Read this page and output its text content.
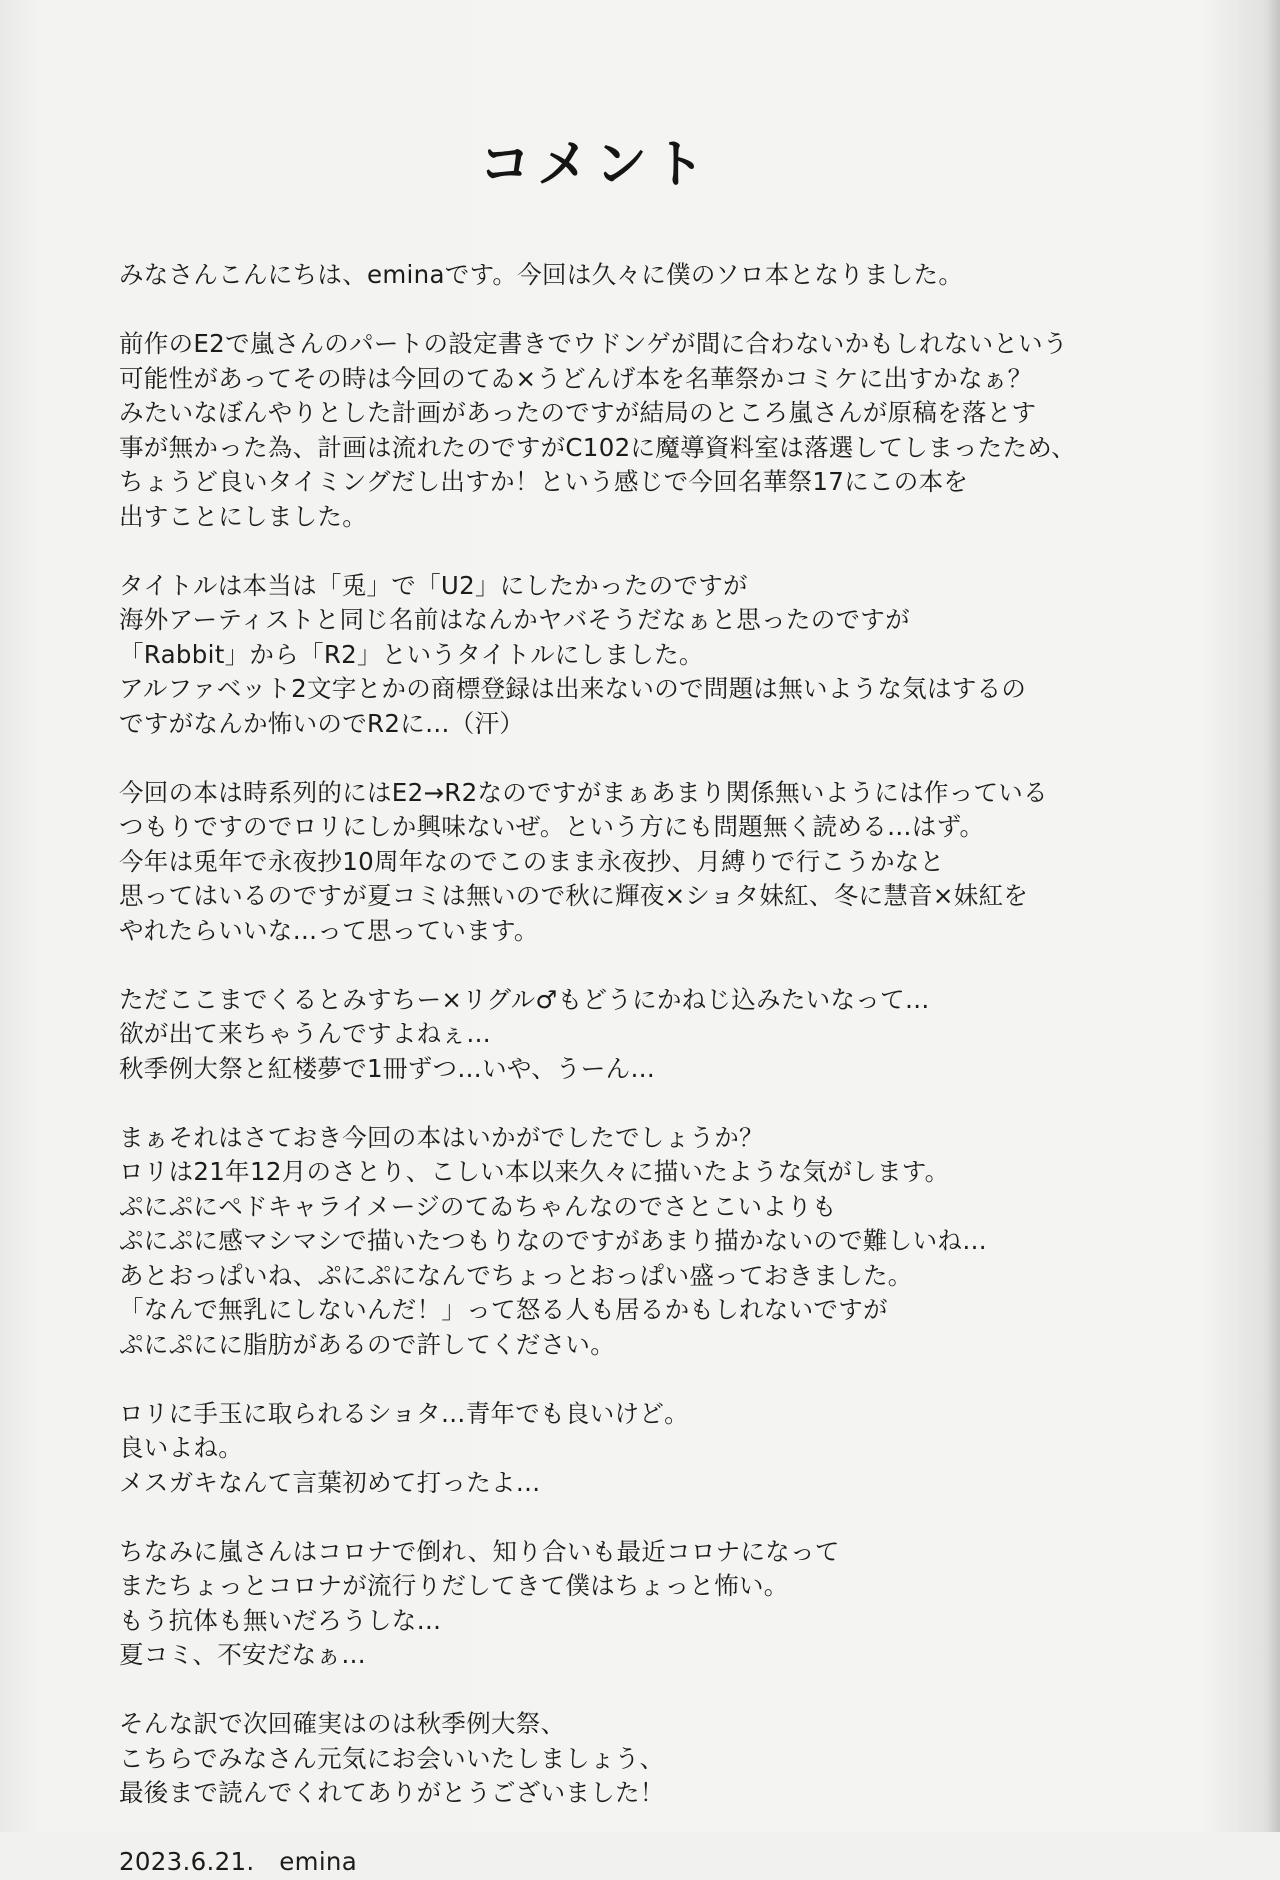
コメント
みなさんこんにちは、eminaです。今回は久々に僕のソロ本となりました。
前作のE2で嵐さんのパートの設定書きでウドンゲが間に合わないかもしれないという
可能性があってその時は今回のてゐ×うどんげ本を名華祭かコミケに出すかなぁ？
みたいなぼんやりとした計画があったのですが結局のところ嵐さんが原稿を落とす
事が無かった為、計画は流れたのですがC102に魔導資料室は落選してしまったため、
ちょうど良いタイミングだし出すか！という感じで今回名華祭17にこの本を
出すことにしました。
タイトルは本当は「兎」で「U2」にしたかったのですが
海外アーティストと同じ名前はなんかヤバそうだなぁと思ったのですが
「Rabbit」から「R2」というタイトルにしました。
アルファベット2文字とかの商標登録は出来ないので問題は無いような気はするの
ですがなんか怖いのでR2に…（汗）
今回の本は時系列的にはE2→R2なのですがまぁあまり関係無いようには作っている
つもりですのでロリにしか興味ないぜ。という方にも問題無く読める…はず。
今年は兎年で永夜抄10周年なのでこのまま永夜抄、月縛りで行こうかなと
思ってはいるのですが夏コミは無いので秋に輝夜×ショタ妹紅、冬に慧音×妹紅を
やれたらいいな…って思っています。
ただここまでくるとみすちー×リグル♂もどうにかねじ込みたいなって…
欲が出て来ちゃうんですよねぇ…
秋季例大祭と紅楼夢で1冊ずつ…いや、うーん…
まぁそれはさておき今回の本はいかがでしたでしょうか？
ロリは21年12月のさとり、こしい本以来久々に描いたような気がします。
ぷにぷにペドキャライメージのてゐちゃんなのでさとこいよりも
ぷにぷに感マシマシで描いたつもりなのですがあまり描かないので難しいね…
あとおっぱいね、ぷにぷになんでちょっとおっぱい盛っておきました。
「なんで無乳にしないんだ！」って怒る人も居るかもしれないですが
ぷにぷにに脂肪があるので許してください。
ロリに手玉に取られるショタ…青年でも良いけど。
良いよね。
メスガキなんて言葉初めて打ったよ…
ちなみに嵐さんはコロナで倒れ、知り合いも最近コロナになって
またちょっとコロナが流行りだしてきて僕はちょっと怖い。
もう抗体も無いだろうしな…
夏コミ、不安だなぁ…
そんな訳で次回確実はのは秋季例大祭、
こちらでみなさん元気にお会いいたしましょう、
最後まで読んでくれてありがとうございました！
2023.6.21.　emina
